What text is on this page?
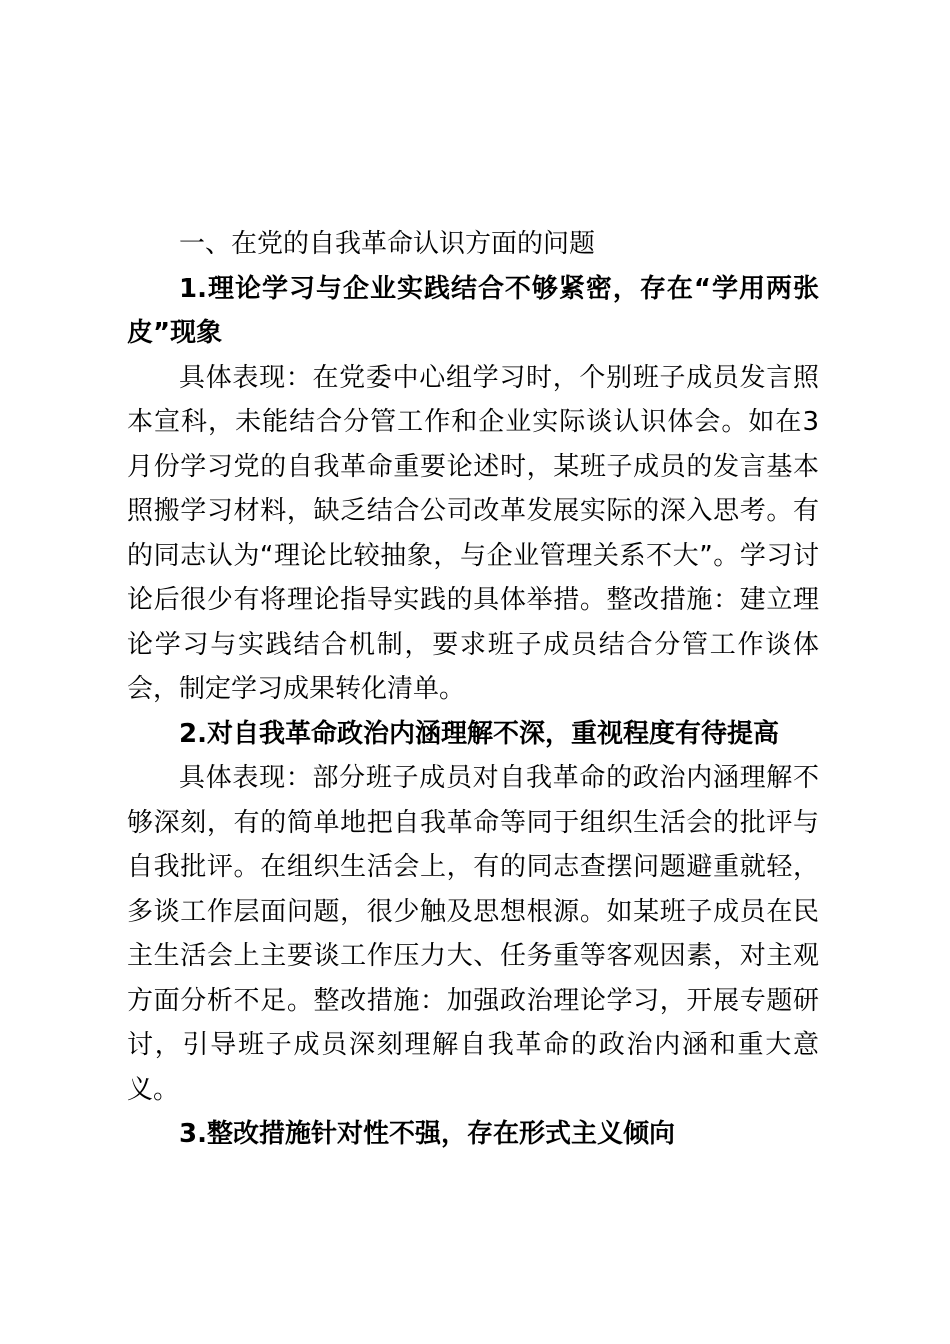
一、在党的自我革命认识方面的问题

1.理论学习与企业实践结合不够紧密，存在“学用两张皮”现象

具体表现：在党委中心组学习时，个别班子成员发言照本宣科，未能结合分管工作和企业实际谈认识体会。如在3月份学习党的自我革命重要论述时，某班子成员的发言基本照搬学习材料，缺乏结合公司改革发展实际的深入思考。有的同志认为“理论比较抽象，与企业管理关系不大”。学习讨论后很少有将理论指导实践的具体举措。整改措施：建立理论学习与实践结合机制，要求班子成员结合分管工作谈体会，制定学习成果转化清单。

2.对自我革命政治内涵理解不深，重视程度有待提高

具体表现：部分班子成员对自我革命的政治内涵理解不够深刻，有的简单地把自我革命等同于组织生活会的批评与自我批评。在组织生活会上，有的同志查摆问题避重就轻，多谈工作层面问题，很少触及思想根源。如某班子成员在民主生活会上主要谈工作压力大、任务重等客观因素，对主观方面分析不足。整改措施：加强政治理论学习，开展专题研讨，引导班子成员深刻理解自我革命的政治内涵和重大意义。

3.整改措施针对性不强，存在形式主义倾向
